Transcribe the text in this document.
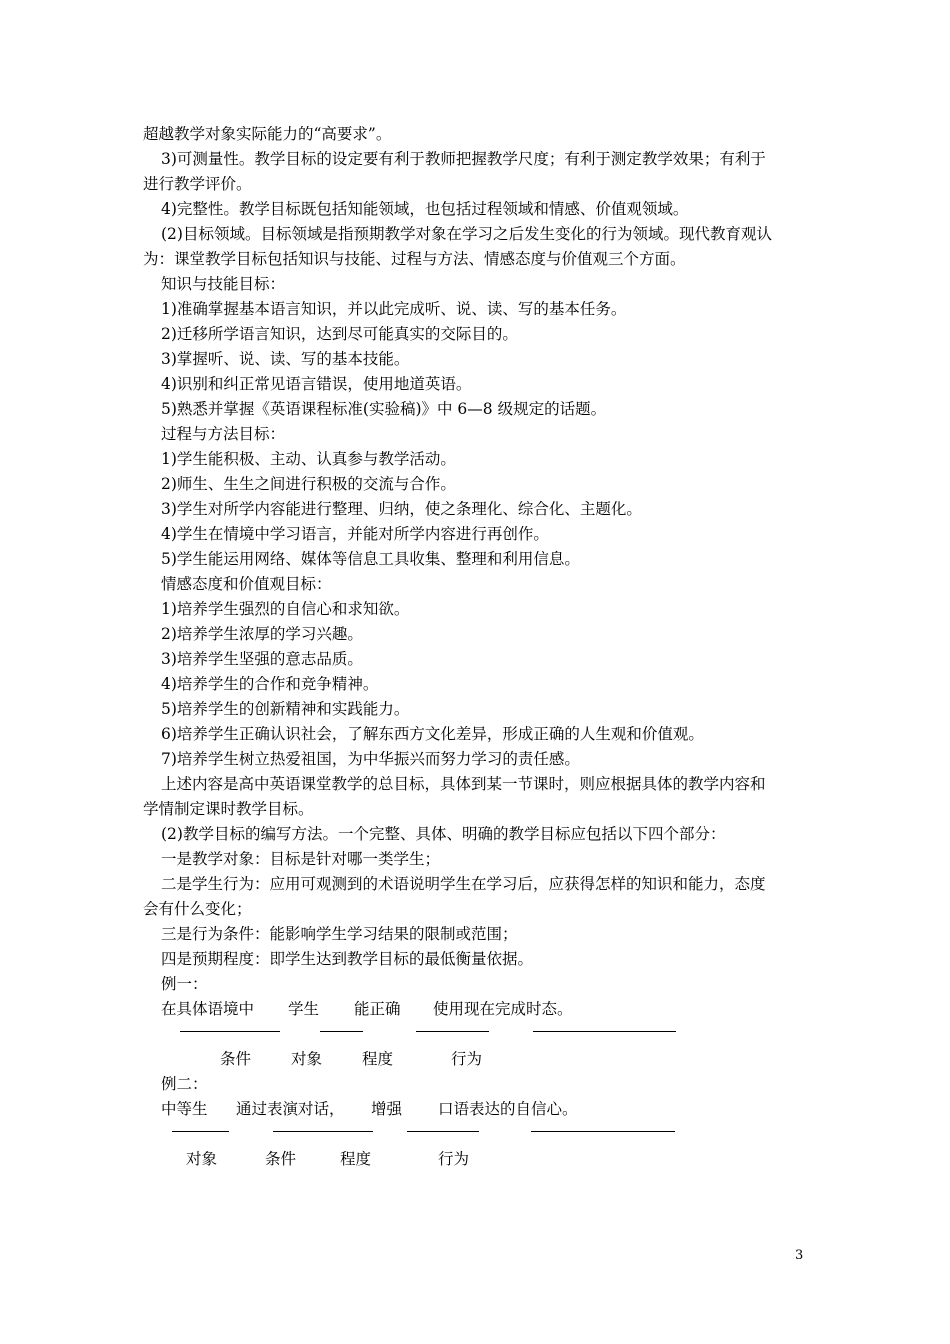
超越教学对象实际能力的“高要求”。
3)可测量性。教学目标的设定要有利于教师把握教学尺度；有利于测定教学效果；有利于
进行教学评价。
4)完整性。教学目标既包括知能领域，也包括过程领域和情感、价值观领域。
(2)目标领域。目标领域是指预期教学对象在学习之后发生变化的行为领域。现代教育观认
为：课堂教学目标包括知识与技能、过程与方法、情感态度与价值观三个方面。
知识与技能目标：
1)准确掌握基本语言知识，并以此完成听、说、读、写的基本任务。
2)迁移所学语言知识，达到尽可能真实的交际目的。
3)掌握听、说、读、写的基本技能。
4)识别和纠正常见语言错误，使用地道英语。
5)熟悉并掌握《英语课程标准(实验稿)》中 6—8 级规定的话题。
过程与方法目标：
1)学生能积极、主动、认真参与教学活动。
2)师生、生生之间进行积极的交流与合作。
3)学生对所学内容能进行整理、归纳，使之条理化、综合化、主题化。
4)学生在情境中学习语言，并能对所学内容进行再创作。
5)学生能运用网络、媒体等信息工具收集、整理和利用信息。
情感态度和价值观目标：
1)培养学生强烈的自信心和求知欲。
2)培养学生浓厚的学习兴趣。
3)培养学生坚强的意志品质。
4)培养学生的合作和竞争精神。
5)培养学生的创新精神和实践能力。
6)培养学生正确认识社会，了解东西方文化差异，形成正确的人生观和价值观。
7)培养学生树立热爱祖国，为中华振兴而努力学习的责任感。
上述内容是高中英语课堂教学的总目标，具体到某一节课时，则应根据具体的教学内容和
学情制定课时教学目标。
(2)教学目标的编写方法。一个完整、具体、明确的教学目标应包括以下四个部分：
一是教学对象：目标是针对哪一类学生；
二是学生行为：应用可观测到的术语说明学生在学习后，应获得怎样的知识和能力，态度
会有什么变化；
三是行为条件：能影响学生学习结果的限制或范围；
四是预期程度：即学生达到教学目标的最低衡量依据。
例一：
在具体语境中 学生 能正确 使用现在完成时态。
条件	对象	程度	行为
例二：
中等生 通过表演对话， 增强 口语表达的自信心。
对象	条件	程度	行为
3
